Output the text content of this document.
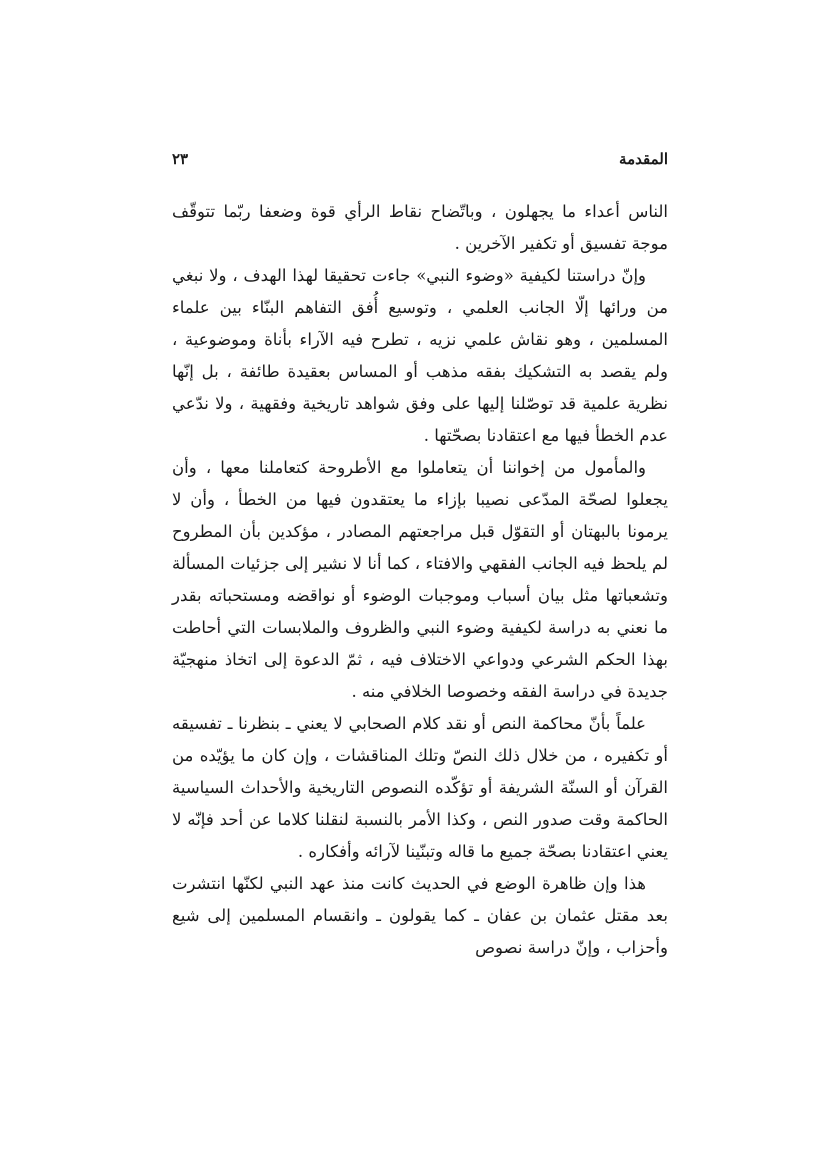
المقدمة
٢٣

الناس أعداء ما يجهلون ، وباتّضاح نقاط الرأي قوة وضعفا ربّما تتوقّف موجة تفسيق أو تكفير الآخرين .

وإنّ دراستنا لكيفية «وضوء النبي» جاءت تحقيقا لهذا الهدف ، ولا نبغي من ورائها إلّا الجانب العلمي ، وتوسيع أُفق التفاهم البنّاء بين علماء المسلمين ، وهو نقاش علمي نزيه ، تطرح فيه الآراء بأناة وموضوعية ، ولم يقصد به التشكيك بفقه مذهب أو المساس بعقيدة طائفة ، بل إنّها نظرية علمية قد توصّلنا إليها على وفق شواهد تاريخية وفقهية ، ولا ندّعي عدم الخطأ فيها مع اعتقادنا بصحّتها .

والمأمول من إخواننا أن يتعاملوا مع الأطروحة كتعاملنا معها ، وأن يجعلوا لصحّة المدّعى نصيبا بإزاء ما يعتقدون فيها من الخطأ ، وأن لا يرمونا بالبهتان أو التقوّل قبل مراجعتهم المصادر ، مؤكدين بأن المطروح لم يلحظ فيه الجانب الفقهي والافتاء ، كما أنا لا نشير إلى جزئيات المسألة وتشعباتها مثل بيان أسباب وموجبات الوضوء أو نواقضه ومستحباته بقدر ما نعني به دراسة لكيفية وضوء النبي والظروف والملابسات التي أحاطت بهذا الحكم الشرعي ودواعي الاختلاف فيه ، ثمّ الدعوة إلى اتخاذ منهجيّة جديدة في دراسة الفقه وخصوصا الخلافي منه .

علماً بأنّ محاكمة النص أو نقد كلام الصحابي لا يعني ـ بنظرنا ـ تفسيقه أو تكفيره ، من خلال ذلك النصّ وتلك المناقشات ، وإن كان ما يؤيّده من القرآن أو السنّة الشريفة أو تؤكّده النصوص التاريخية والأحداث السياسية الحاكمة وقت صدور النص ، وكذا الأمر بالنسبة لنقلنا كلاما عن أحد فإنّه لا يعني اعتقادنا بصحّة جميع ما قاله وتبنّينا لآرائه وأفكاره .

هذا وإن ظاهرة الوضع في الحديث كانت منذ عهد النبي لكنّها انتشرت بعد مقتل عثمان بن عفان ـ كما يقولون ـ وانقسام المسلمين إلى شيع وأحزاب ، وإنّ دراسة نصوص
